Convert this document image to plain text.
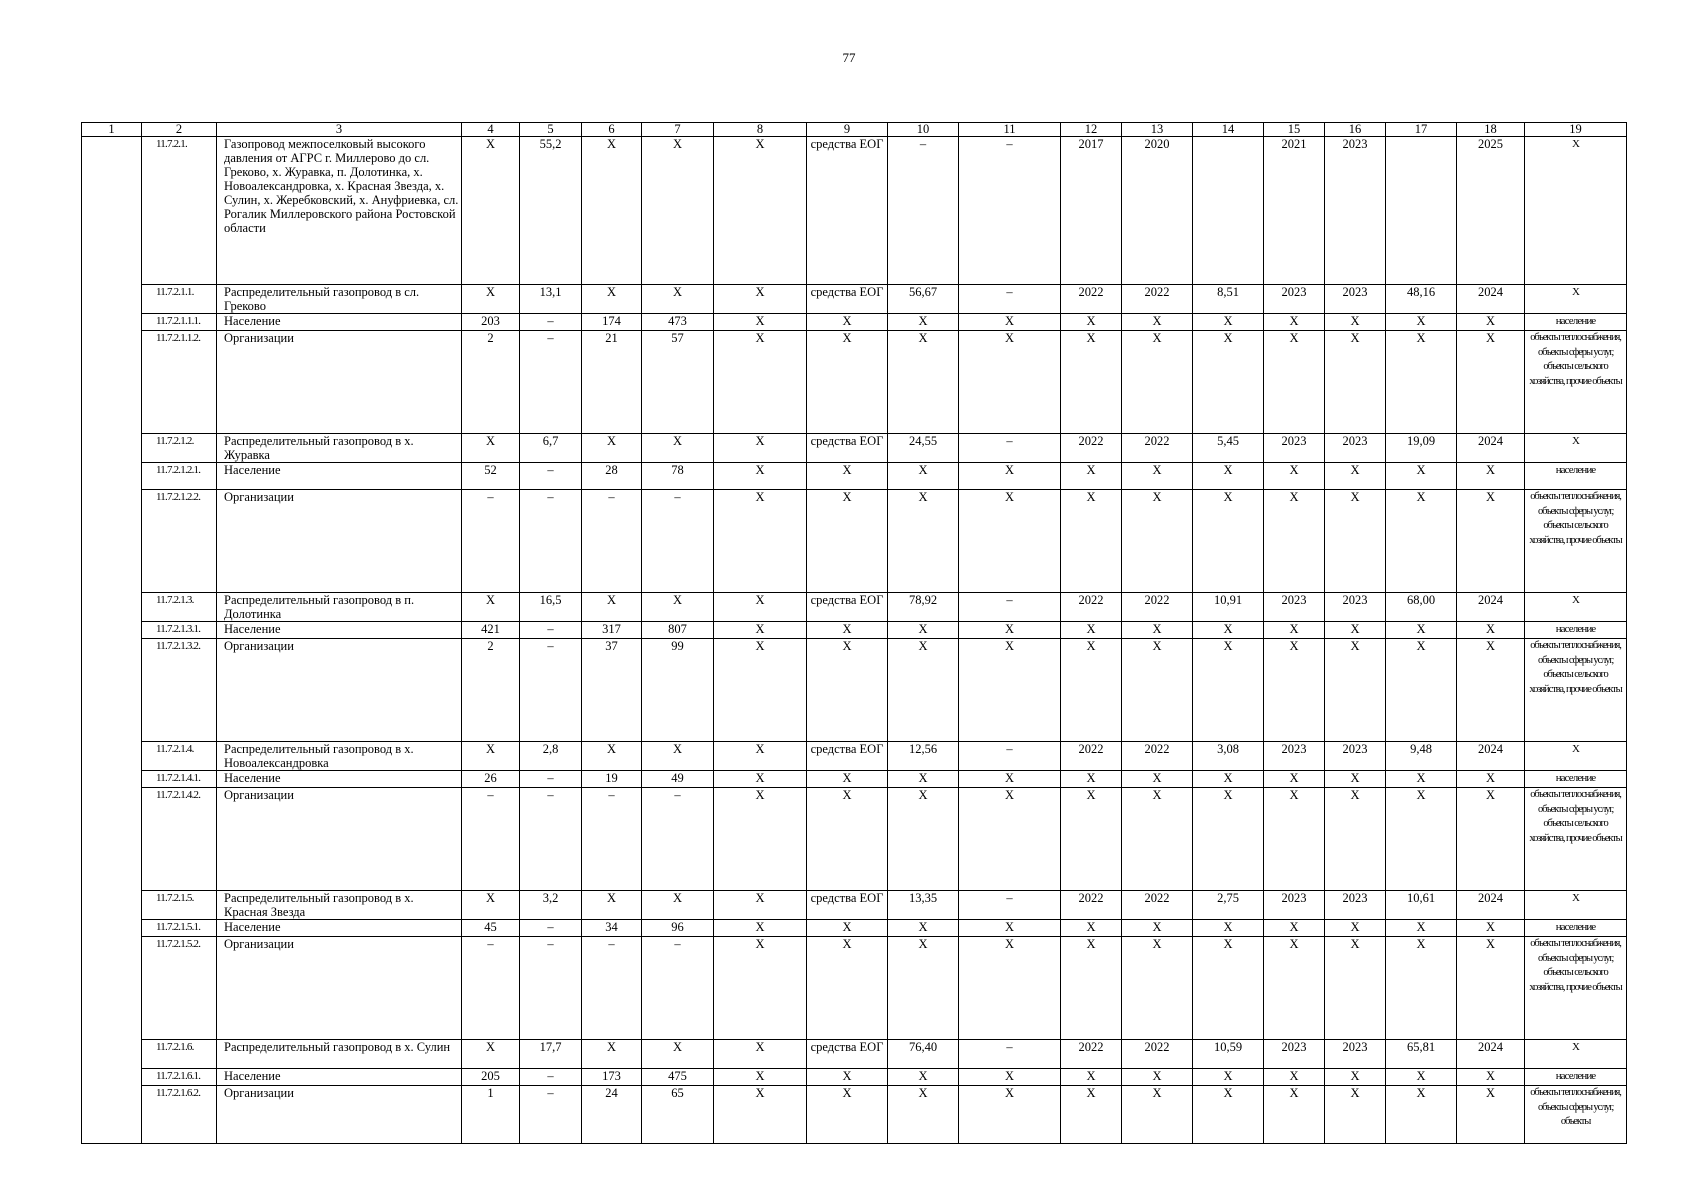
77
1	2	3	4	5	6	7	8	9	10	11	12	13	14	15	16	17	18	19
	11.7.2.1.	Газопровод межпоселковый высокого давления от АГРС г. Миллерово до сл. Греково, х. Журавка, п. Долотинка, х. Новоалександровка, х. Красная Звезда, х. Сулин, х. Жеребковский, х. Ануфриевка, сл. Рогалик Миллеровского района Ростовской области	X	55,2	X	X	X	средства ЕОГ	–	–	2017	2020		2021	2023		2025	X
	11.7.2.1.1.	Распределительный газопровод в сл. Греково	X	13,1	X	X	X	средства ЕОГ	56,67	–	2022	2022	8,51	2023	2023	48,16	2024	X
	11.7.2.1.1.1.	Население	203	–	174	473	X	X	X	X	X	X	X	X	X	X	X	население
	11.7.2.1.1.2.	Организации	2	–	21	57	X	X	X	X	X	X	X	X	X	X	X	объекты теплоснабжения, объекты сферы услуг, объекты сельского хозяйства, прочие объекты
	11.7.2.1.2.	Распределительный газопровод в х. Журавка	X	6,7	X	X	X	средства ЕОГ	24,55	–	2022	2022	5,45	2023	2023	19,09	2024	X
	11.7.2.1.2.1.	Население	52	–	28	78	X	X	X	X	X	X	X	X	X	X	X	население
	11.7.2.1.2.2.	Организации	–	–	–	–	X	X	X	X	X	X	X	X	X	X	X	объекты теплоснабжения, объекты сферы услуг, объекты сельского хозяйства, прочие объекты
	11.7.2.1.3.	Распределительный газопровод в п. Долотинка	X	16,5	X	X	X	средства ЕОГ	78,92	–	2022	2022	10,91	2023	2023	68,00	2024	X
	11.7.2.1.3.1.	Население	421	–	317	807	X	X	X	X	X	X	X	X	X	X	X	население
	11.7.2.1.3.2.	Организации	2	–	37	99	X	X	X	X	X	X	X	X	X	X	X	объекты теплоснабжения, объекты сферы услуг, объекты сельского хозяйства, прочие объекты
	11.7.2.1.4.	Распределительный газопровод в х. Новоалександровка	X	2,8	X	X	X	средства ЕОГ	12,56	–	2022	2022	3,08	2023	2023	9,48	2024	X
	11.7.2.1.4.1.	Население	26	–	19	49	X	X	X	X	X	X	X	X	X	X	X	население
	11.7.2.1.4.2.	Организации	–	–	–	–	X	X	X	X	X	X	X	X	X	X	X	объекты теплоснабжения, объекты сферы услуг, объекты сельского хозяйства, прочие объекты
	11.7.2.1.5.	Распределительный газопровод в х. Красная Звезда	X	3,2	X	X	X	средства ЕОГ	13,35	–	2022	2022	2,75	2023	2023	10,61	2024	X
	11.7.2.1.5.1.	Население	45	–	34	96	X	X	X	X	X	X	X	X	X	X	X	население
	11.7.2.1.5.2.	Организации	–	–	–	–	X	X	X	X	X	X	X	X	X	X	X	объекты теплоснабжения, объекты сферы услуг, объекты сельского хозяйства, прочие объекты
	11.7.2.1.6.	Распределительный газопровод в х. Сулин	X	17,7	X	X	X	средства ЕОГ	76,40	–	2022	2022	10,59	2023	2023	65,81	2024	X
	11.7.2.1.6.1.	Население	205	–	173	475	X	X	X	X	X	X	X	X	X	X	X	население
	11.7.2.1.6.2.	Организации	1	–	24	65	X	X	X	X	X	X	X	X	X	X	X	объекты теплоснабжения, объекты сферы услуг, объекты
